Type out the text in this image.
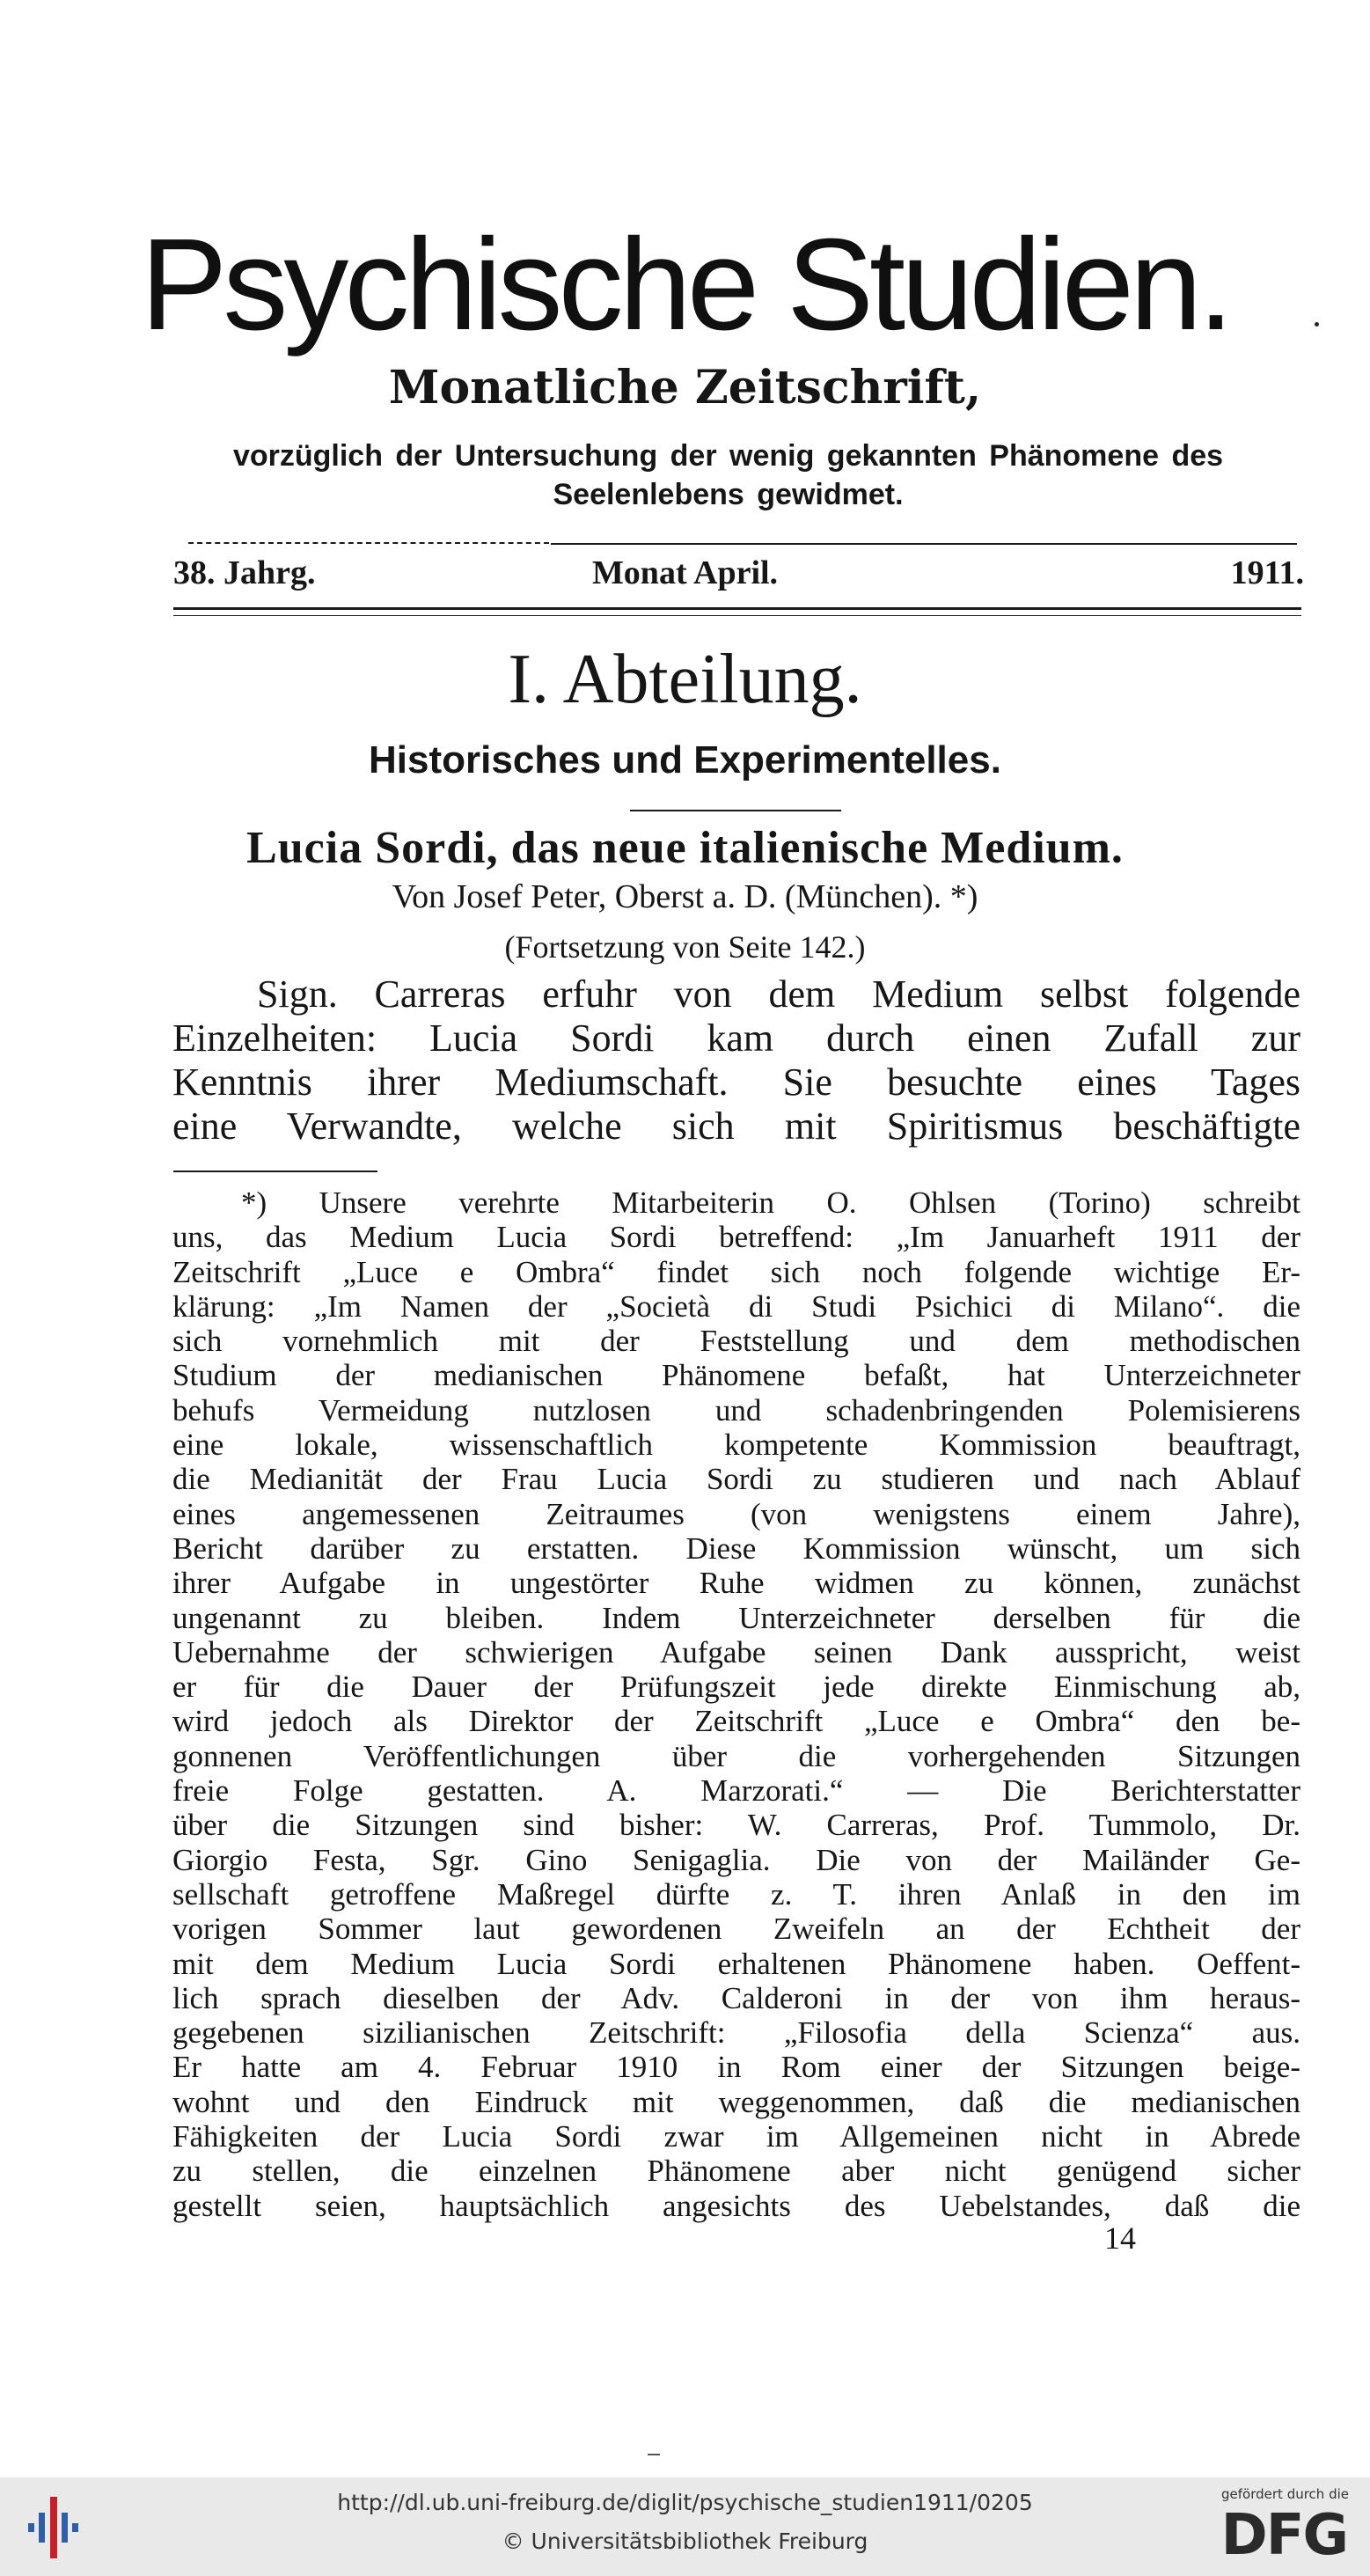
Psychische Studien.
Monatliche Zeitschrift,
vorzüglich der Untersuchung der wenig gekannten Phänomene des
Seelenlebens gewidmet.
38. Jahrg.	Monat April.	1911.
I. Abteilung.
Historisches und Experimentelles.
Lucia Sordi, das neue italienische Medium.
Von Josef Peter, Oberst a. D. (München). *)
(Fortsetzung von Seite 142.)
Sign. Carreras erfuhr von dem Medium selbst folgende
Einzelheiten: Lucia Sordi kam durch einen Zufall zur
Kenntnis ihrer Mediumschaft. Sie besuchte eines Tages
eine Verwandte, welche sich mit Spiritismus beschäftigte
*) Unsere verehrte Mitarbeiterin O. Ohlsen (Torino) schreibt
uns, das Medium Lucia Sordi betreffend: „Im Januarheft 1911 der
Zeitschrift „Luce e Ombra“ findet sich noch folgende wichtige Er-
klärung: „Im Namen der „Società di Studi Psichici di Milano“. die
sich vornehmlich mit der Feststellung und dem methodischen
Studium der medianischen Phänomene befaßt, hat Unterzeichneter
behufs Vermeidung nutzlosen und schadenbringenden Polemisierens
eine lokale, wissenschaftlich kompetente Kommission beauftragt,
die Medianität der Frau Lucia Sordi zu studieren und nach Ablauf
eines angemessenen Zeitraumes (von wenigstens einem Jahre),
Bericht darüber zu erstatten. Diese Kommission wünscht, um sich
ihrer Aufgabe in ungestörter Ruhe widmen zu können, zunächst
ungenannt zu bleiben. Indem Unterzeichneter derselben für die
Uebernahme der schwierigen Aufgabe seinen Dank ausspricht, weist
er für die Dauer der Prüfungszeit jede direkte Einmischung ab,
wird jedoch als Direktor der Zeitschrift „Luce e Ombra“ den be-
gonnenen Veröffentlichungen über die vorhergehenden Sitzungen
freie Folge gestatten. A. Marzorati.“ — Die Berichterstatter
über die Sitzungen sind bisher: W. Carreras, Prof. Tummolo, Dr.
Giorgio Festa, Sgr. Gino Senigaglia. Die von der Mailänder Ge-
sellschaft getroffene Maßregel dürfte z. T. ihren Anlaß in den im
vorigen Sommer laut gewordenen Zweifeln an der Echtheit der
mit dem Medium Lucia Sordi erhaltenen Phänomene haben. Oeffent-
lich sprach dieselben der Adv. Calderoni in der von ihm heraus-
gegebenen sizilianischen Zeitschrift: „Filosofia della Scienza“ aus.
Er hatte am 4. Februar 1910 in Rom einer der Sitzungen beige-
wohnt und den Eindruck mit weggenommen, daß die medianischen
Fähigkeiten der Lucia Sordi zwar im Allgemeinen nicht in Abrede
zu stellen, die einzelnen Phänomene aber nicht genügend sicher
gestellt seien, hauptsächlich angesichts des Uebelstandes, daß die
14
http://dl.ub.uni-freiburg.de/diglit/psychische_studien1911/0205
© Universitätsbibliothek Freiburg
gefördert durch die
DFG
